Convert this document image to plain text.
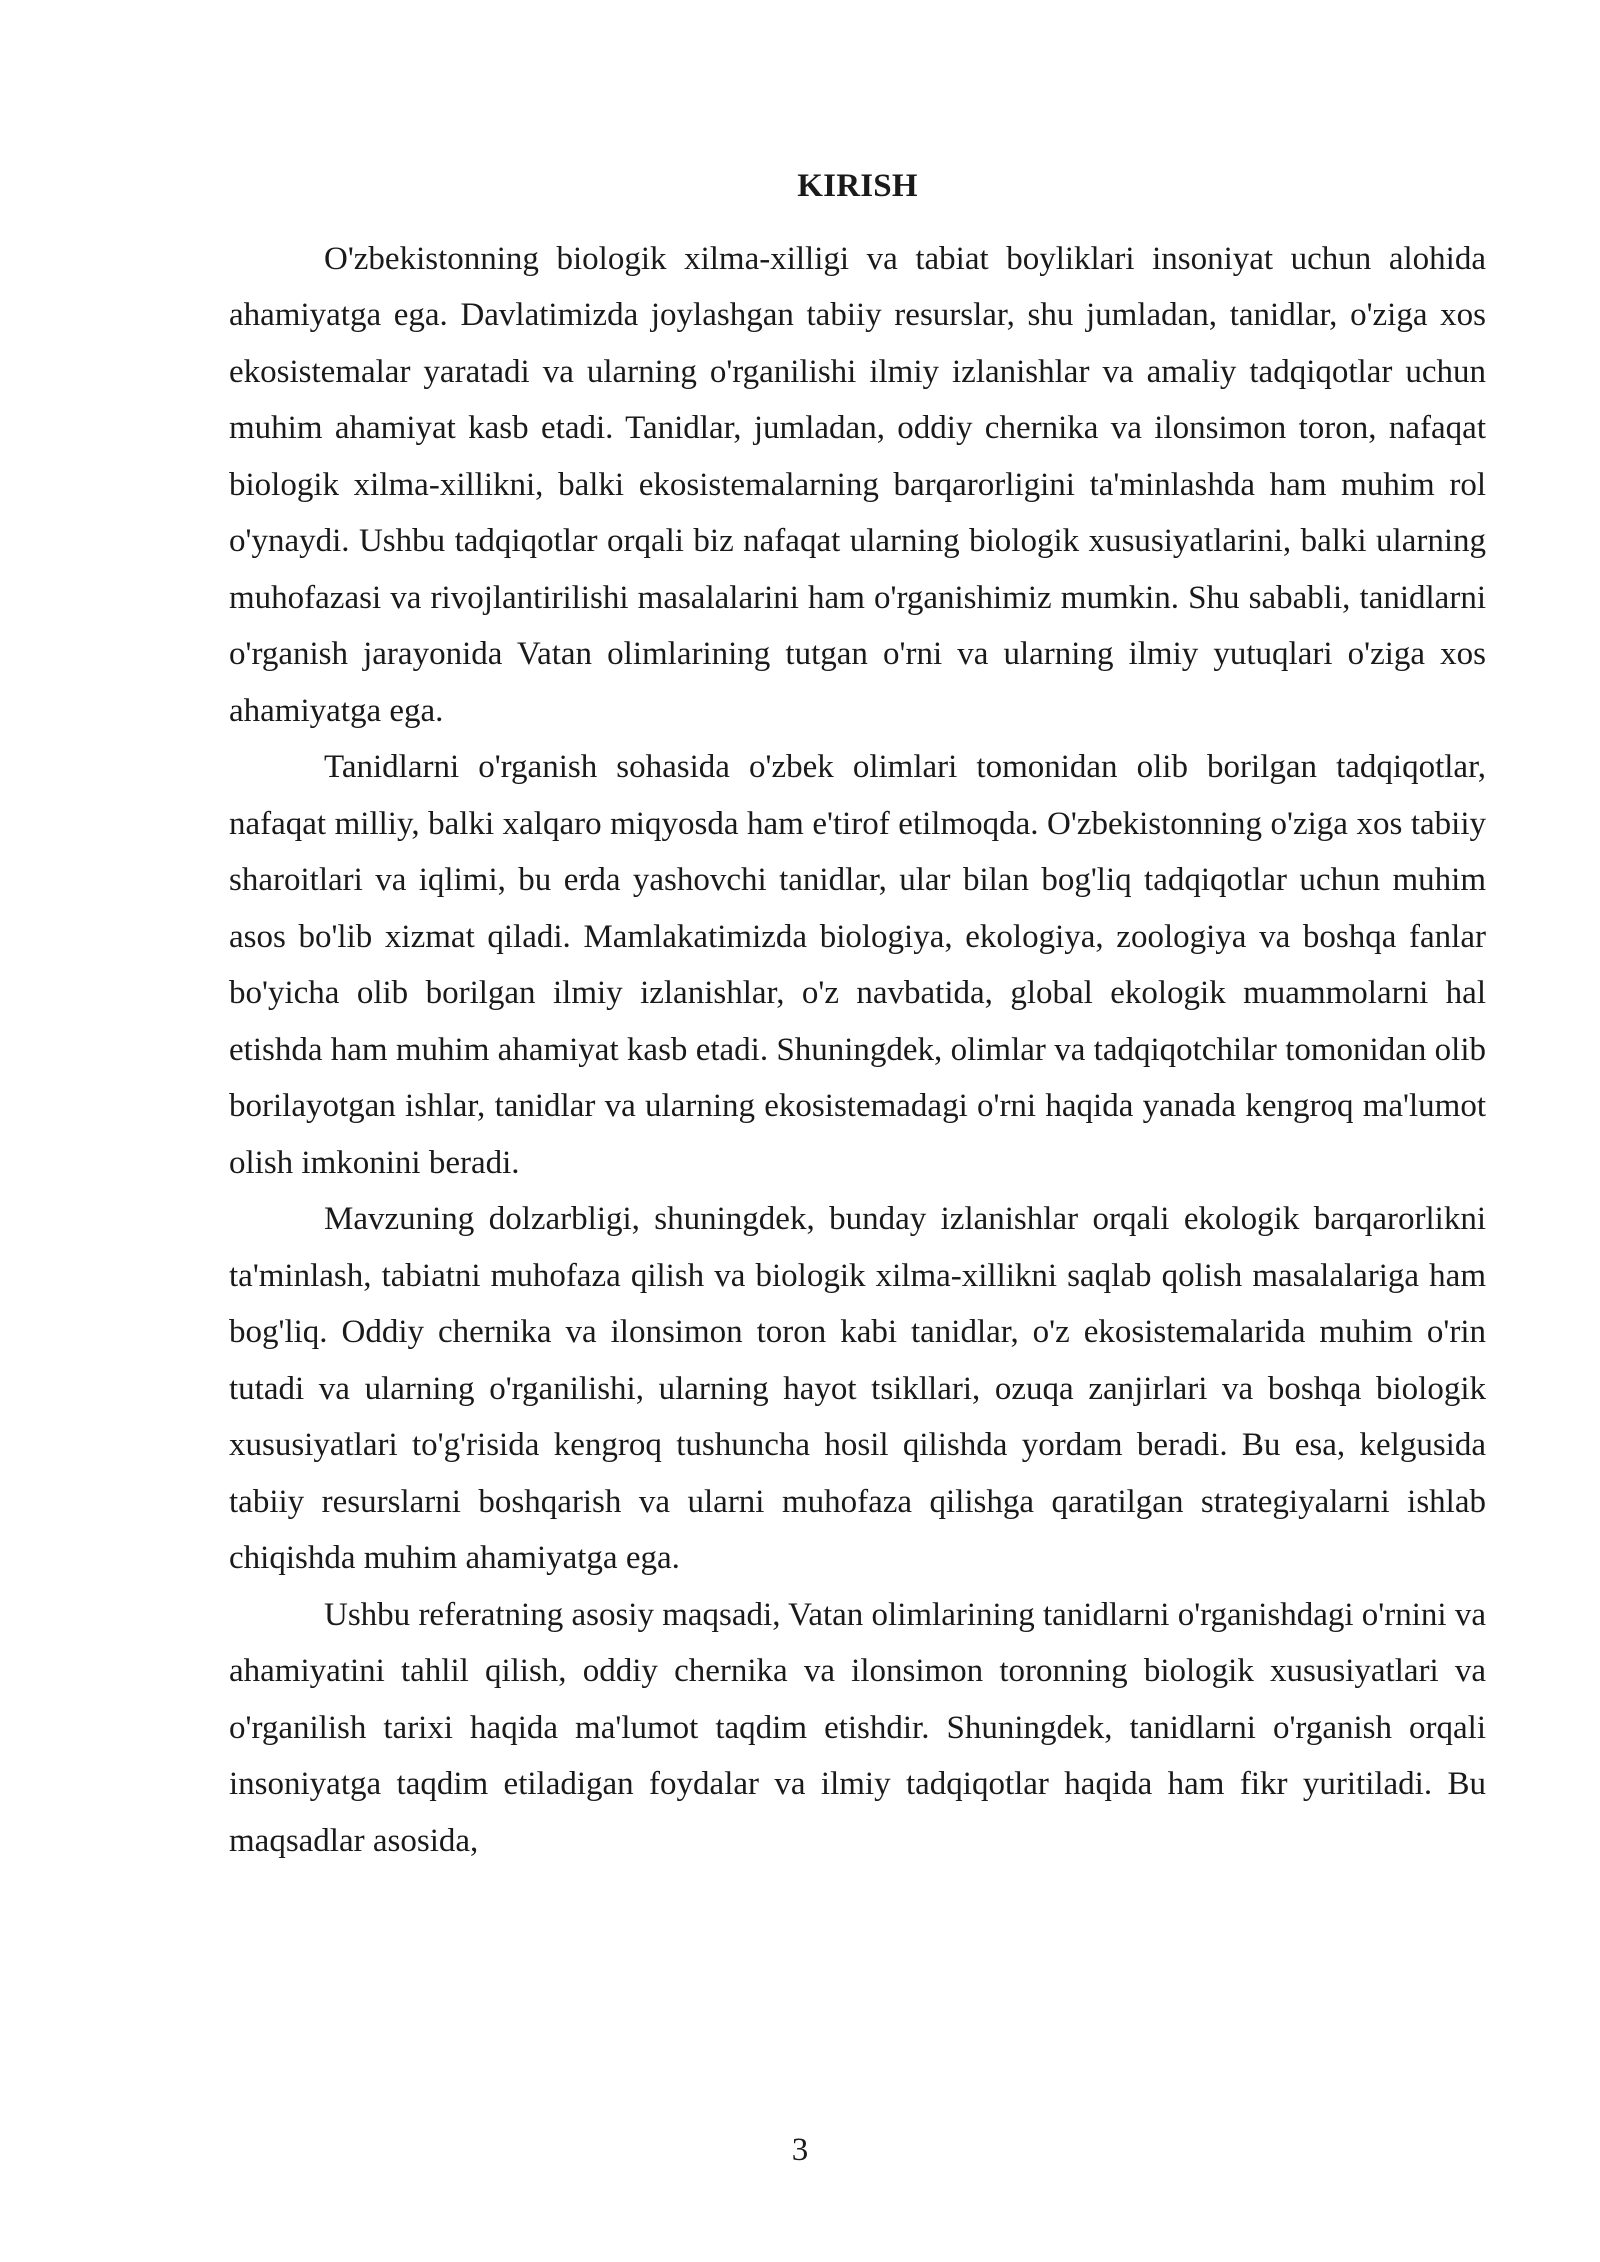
KIRISH

O'zbekistonning biologik xilma-xilligi va tabiat boyliklari insoniyat uchun alohida ahamiyatga ega. Davlatimizda joylashgan tabiiy resurslar, shu jumladan, tanidlar, o'ziga xos ekosistemalar yaratadi va ularning o'rganilishi ilmiy izlanishlar va amaliy tadqiqotlar uchun muhim ahamiyat kasb etadi. Tanidlar, jumladan, oddiy chernika va ilonsimon toron, nafaqat biologik xilma-xillikni, balki ekosistemalarning barqarorligini ta'minlashda ham muhim rol o'ynaydi. Ushbu tadqiqotlar orqali biz nafaqat ularning biologik xususiyatlarini, balki ularning muhofazasi va rivojlantirilishi masalalarini ham o'rganishimiz mumkin. Shu sababli, tanidlarni o'rganish jarayonida Vatan olimlarining tutgan o'rni va ularning ilmiy yutuqlari o'ziga xos ahamiyatga ega.

Tanidlarni o'rganish sohasida o'zbek olimlari tomonidan olib borilgan tadqiqotlar, nafaqat milliy, balki xalqaro miqyosda ham e'tirof etilmoqda. O'zbekistonning o'ziga xos tabiiy sharoitlari va iqlimi, bu erda yashovchi tanidlar, ular bilan bog'liq tadqiqotlar uchun muhim asos bo'lib xizmat qiladi. Mamlakatimizda biologiya, ekologiya, zoologiya va boshqa fanlar bo'yicha olib borilgan ilmiy izlanishlar, o'z navbatida, global ekologik muammolarni hal etishda ham muhim ahamiyat kasb etadi. Shuningdek, olimlar va tadqiqotchilar tomonidan olib borilayotgan ishlar, tanidlar va ularning ekosistemadagi o'rni haqida yanada kengroq ma'lumot olish imkonini beradi.

Mavzuning dolzarbligi, shuningdek, bunday izlanishlar orqali ekologik barqarorlikni ta'minlash, tabiatni muhofaza qilish va biologik xilma-xillikni saqlab qolish masalalariga ham bog'liq. Oddiy chernika va ilonsimon toron kabi tanidlar, o'z ekosistemalarida muhim o'rin tutadi va ularning o'rganilishi, ularning hayot tsikllari, ozuqa zanjirlari va boshqa biologik xususiyatlari to'g'risida kengroq tushuncha hosil qilishda yordam beradi. Bu esa, kelgusida tabiiy resurslarni boshqarish va ularni muhofaza qilishga qaratilgan strategiyalarni ishlab chiqishda muhim ahamiyatga ega.

Ushbu referatning asosiy maqsadi, Vatan olimlarining tanidlarni o'rganishdagi o'rnini va ahamiyatini tahlil qilish, oddiy chernika va ilonsimon toronning biologik xususiyatlari va o'rganilish tarixi haqida ma'lumot taqdim etishdir. Shuningdek, tanidlarni o'rganish orqali insoniyatga taqdim etiladigan foydalar va ilmiy tadqiqotlar haqida ham fikr yuritiladi. Bu maqsadlar asosida,

3
